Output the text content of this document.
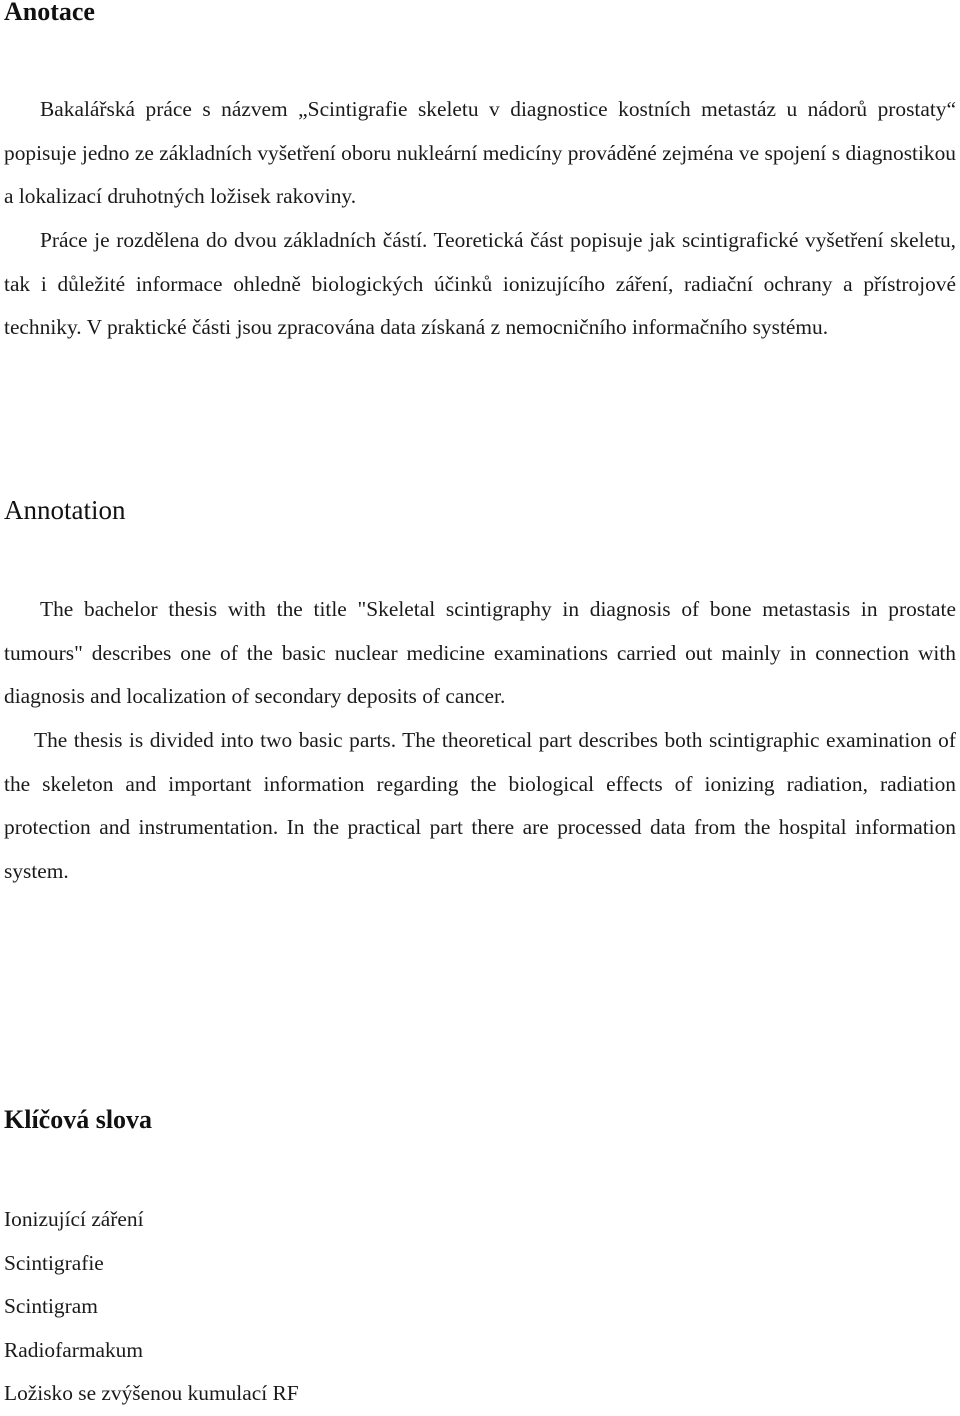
Anotace

Bakalářská práce s názvem „Scintigrafie skeletu v diagnostice kostních metastáz u nádorů prostaty“ popisuje jedno ze základních vyšetření oboru nukleární medicíny prováděné zejména ve spojení s diagnostikou a lokalizací druhotných ložisek rakoviny.

Práce je rozdělena do dvou základních částí. Teoretická část popisuje jak scintigrafické vyšetření skeletu, tak i důležité informace ohledně biologických účinků ionizujícího záření, radiační ochrany a přístrojové techniky. V praktické části jsou zpracována data získaná z nemocničního informačního systému.

Annotation

The bachelor thesis with the title "Skeletal scintigraphy in diagnosis of bone metastasis in prostate tumours" describes one of the basic nuclear medicine examinations carried out mainly in connection with diagnosis and localization of secondary deposits of cancer.

The thesis is divided into two basic parts. The theoretical part describes both scintigraphic examination of the skeleton and important information regarding the biological effects of ionizing radiation, radiation protection and instrumentation. In the practical part there are processed data from the hospital information system.

Klíčová slova
Ionizující záření
Scintigrafie
Scintigram
Radiofarmakum
Ložisko se zvýšenou kumulací RF
